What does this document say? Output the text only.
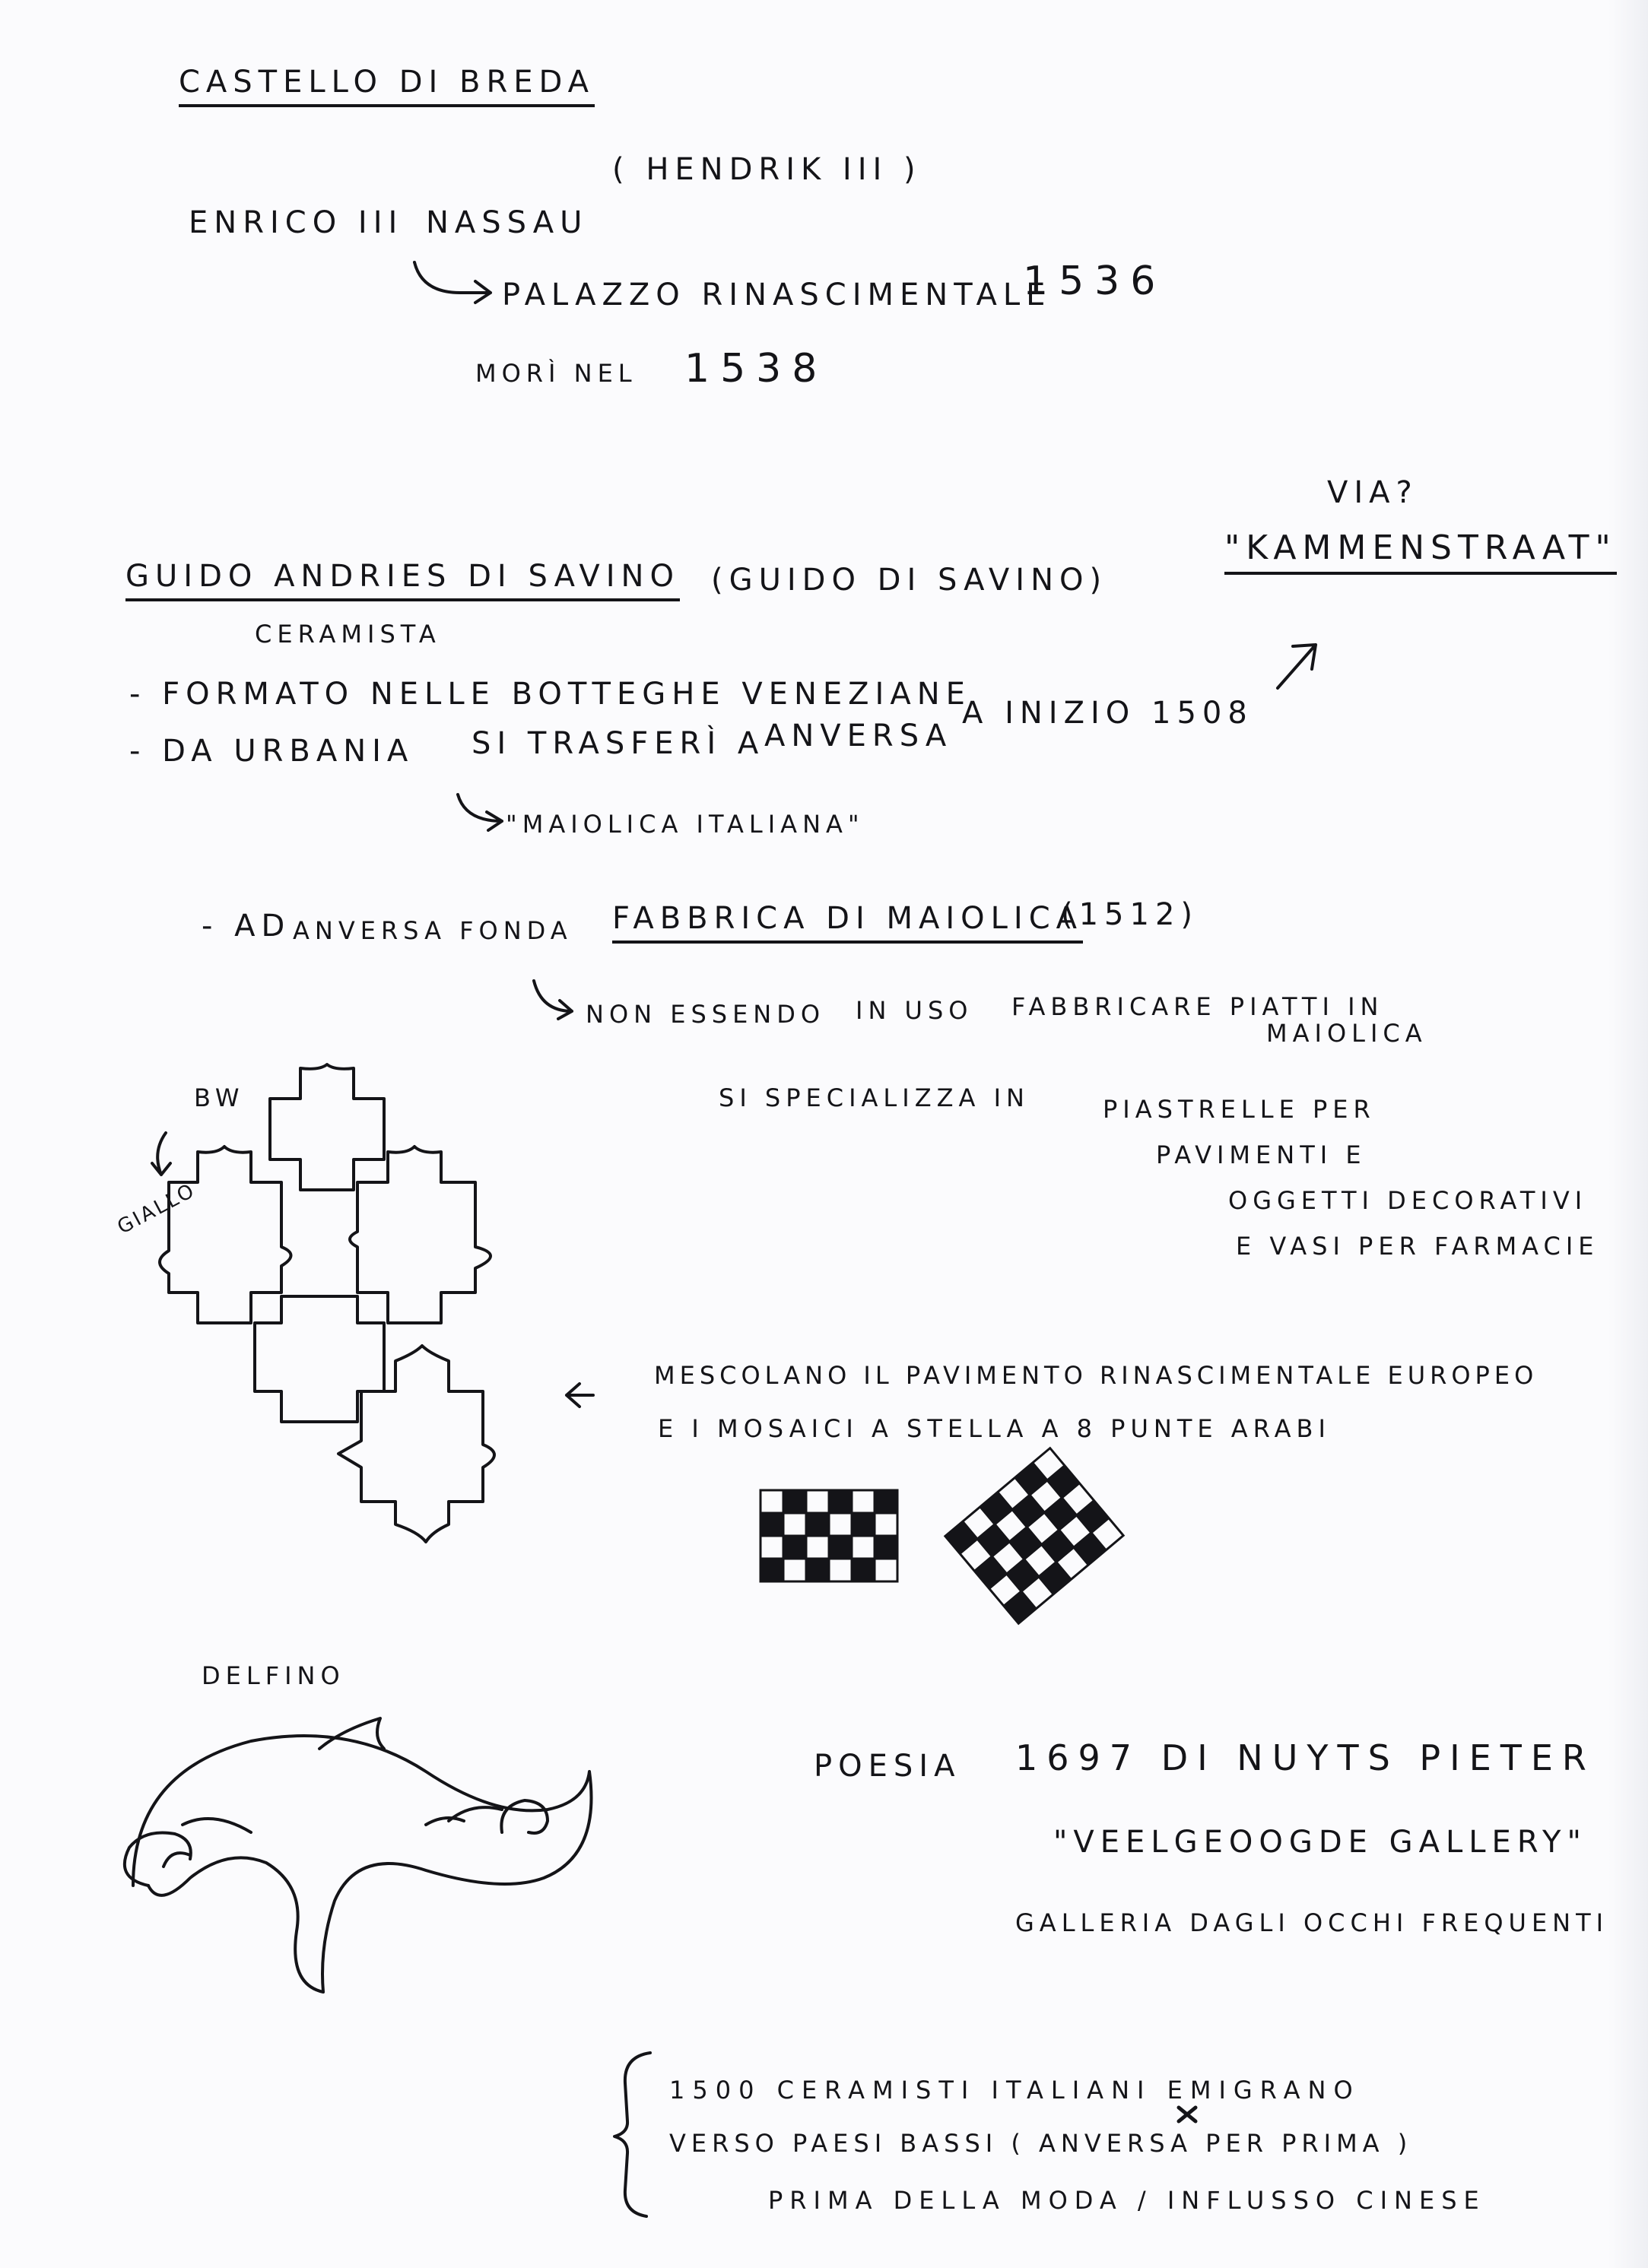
CASTELLO DI BREDA
ENRICO III NASSAU
( HENDRIK III )
PALAZZO RINASCIMENTALE
1536
MORÌ NEL 1538
VIA?
"KAMMENSTRAAT"
GUIDO ANDRIES DI SAVINO (GUIDO DI SAVINO)
CERAMISTA
- FORMATO NELLE BOTTEGHE VENEZIANE
- DA URBANIA SI TRASFERÌ A ANVERSA
A INIZIO 1508
"MAIOLICA ITALIANA"
- AD ANVERSA FONDA FABBRICA DI MAIOLICA
(1512)
NON ESSENDO IN USO FABBRICARE PIATTI IN
MAIOLICA
BW
GIALLO
SI SPECIALIZZA IN	PIASTRELLE PER
PAVIMENTI E
OGGETTI DECORATIVI
E VASI PER FARMACIE
MESCOLANO IL PAVIMENTO RINASCIMENTALE EUROPEO
E I MOSAICI A STELLA A 8 PUNTE ARABI
DELFINO
POESIA 1697 DI NUYTS PIETER
"VEELGEOOGDE GALLERY"
GALLERIA DAGLI OCCHI FREQUENTI
1500 CERAMISTI ITALIANI EMIGRANO
VERSO PAESI BASSI ( ANVERSA PER PRIMA )
PRIMA DELLA MODA / INFLUSSO CINESE
